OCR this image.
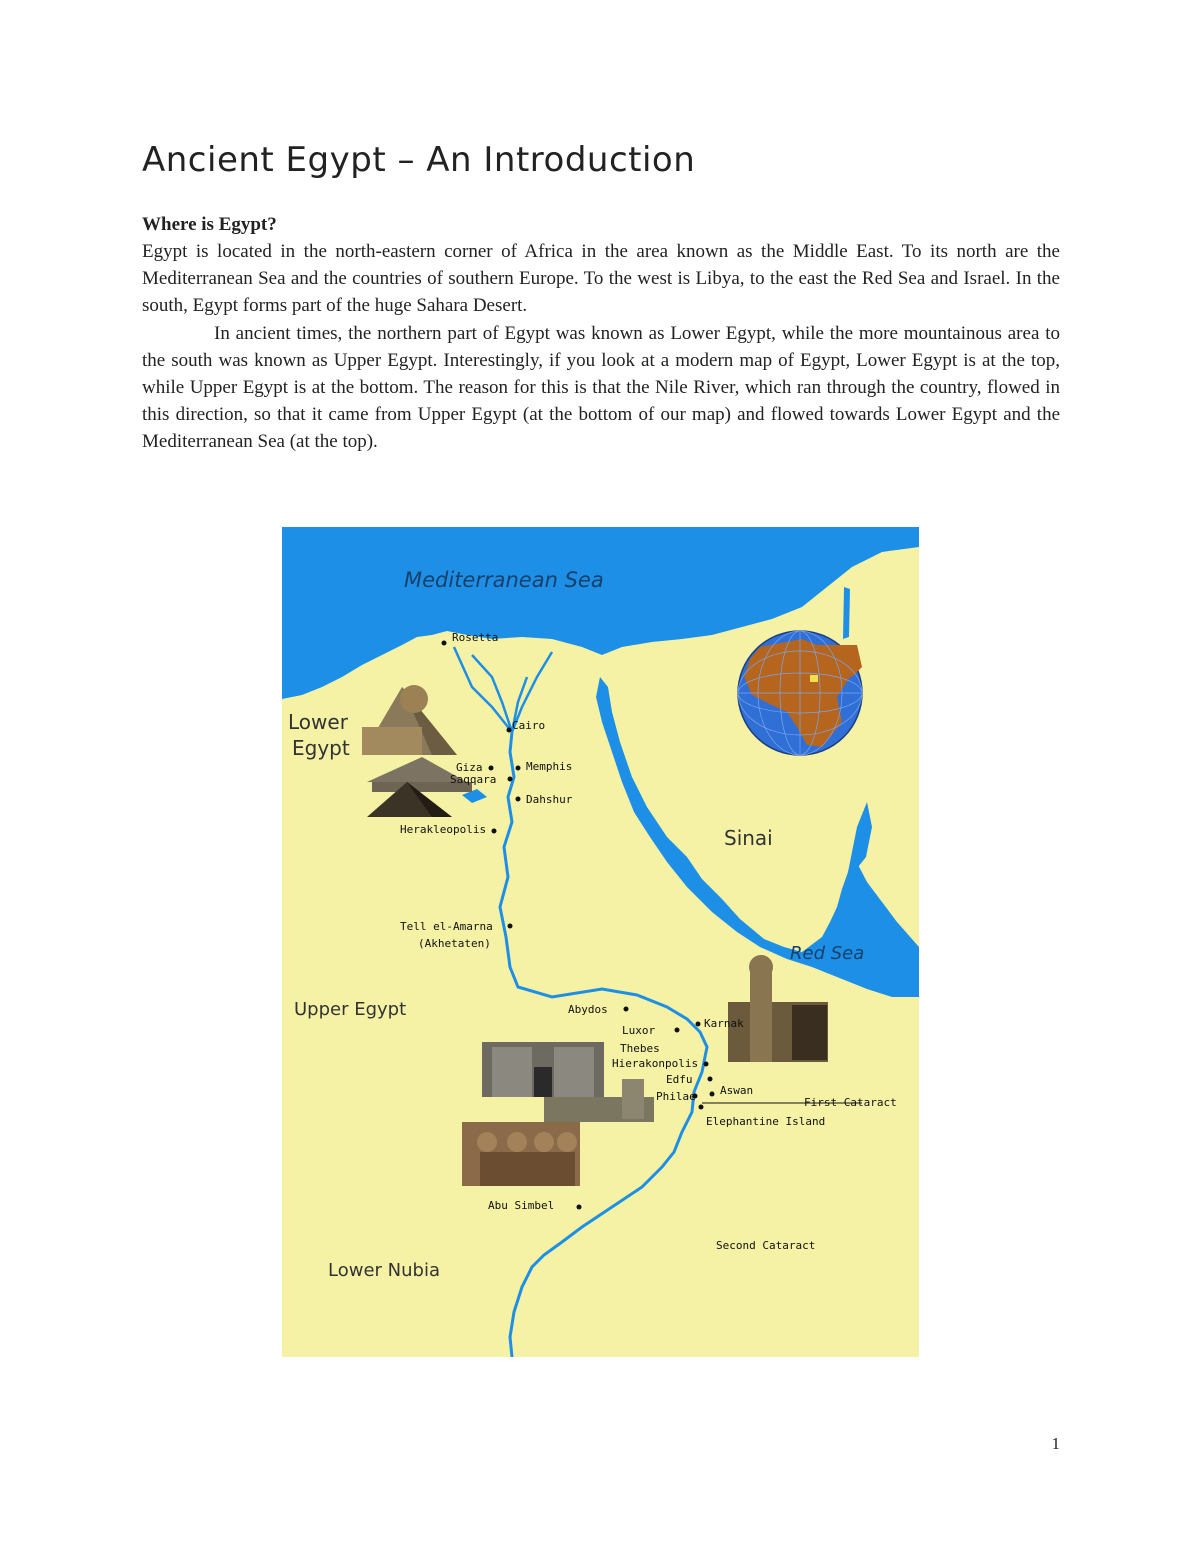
Ancient Egypt – An Introduction
Where is Egypt?

Egypt is located in the north-eastern corner of Africa in the area known as the Middle East. To its north are the Mediterranean Sea and the countries of southern Europe. To the west is Libya, to the east the Red Sea and Israel. In the south, Egypt forms part of the huge Sahara Desert.

In ancient times, the northern part of Egypt was known as Lower Egypt, while the more mountainous area to the south was known as Upper Egypt. Interestingly, if you look at a modern map of Egypt, Lower Egypt is at the top, while Upper Egypt is at the bottom. The reason for this is that the Nile River, which ran through the country, flowed in this direction, so that it came from Upper Egypt (at the bottom of our map) and flowed towards Lower Egypt and the Mediterranean Sea (at the top).

Mediterranean Sea
Lower
Egypt
Sinai
Red Sea
Upper Egypt
Lower Nubia
Rosetta
Cairo
Giza	Memphis
Saqqara
Dahshur
Herakleopolis
Tell el-Amarna
(Akhetaten)
Abydos
Luxor
Karnak
Thebes
Hierakonpolis
Edfu
Philae Aswan
First Cataract
Elephantine Island
Abu Simbel
Second Cataract
1
